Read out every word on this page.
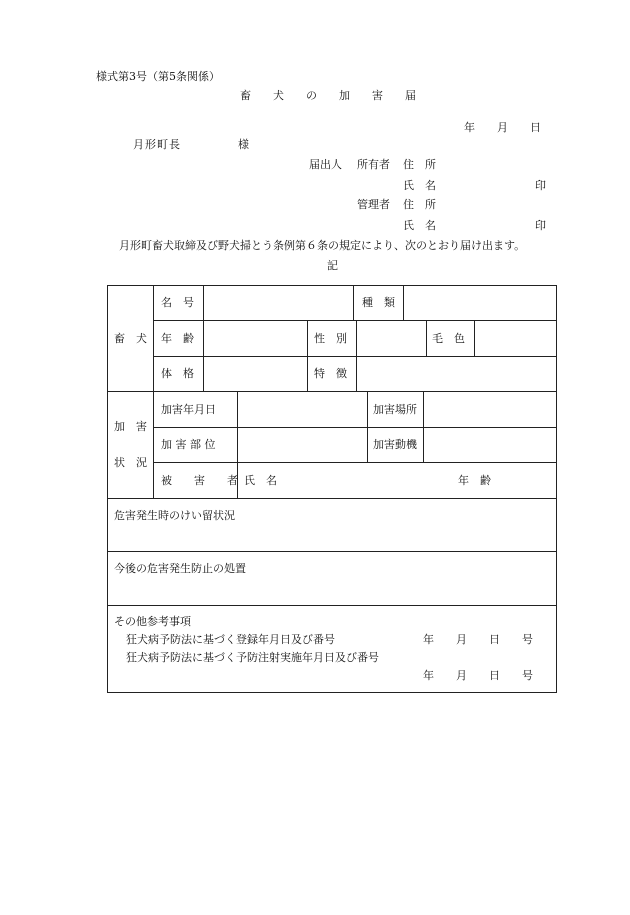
様式第3号（第5条関係）
畜　　犬　　の　　加　　害　　届
年　　月　　日
月形町長	様
届出人 所有者 住　所
氏　名	印
管理者 住　所
氏　名	印
月形町畜犬取締及び野犬掃とう条例第６条の規定により、次のとおり届け出ます。
記
畜　犬
名　号	種　類
年　齢	性　別	毛　色
体　格	特　徴
加　害
状　況
加害年月日	加害場所
加 害 部 位	加害動機
被　　害　　者 氏　名	年　齢
危害発生時のけい留状況
今後の危害発生防止の処置
その他参考事項
狂犬病予防法に基づく登録年月日及び番号	年　　月　　日　　号
狂犬病予防法に基づく予防注射実施年月日及び番号
年　　月　　日　　号
